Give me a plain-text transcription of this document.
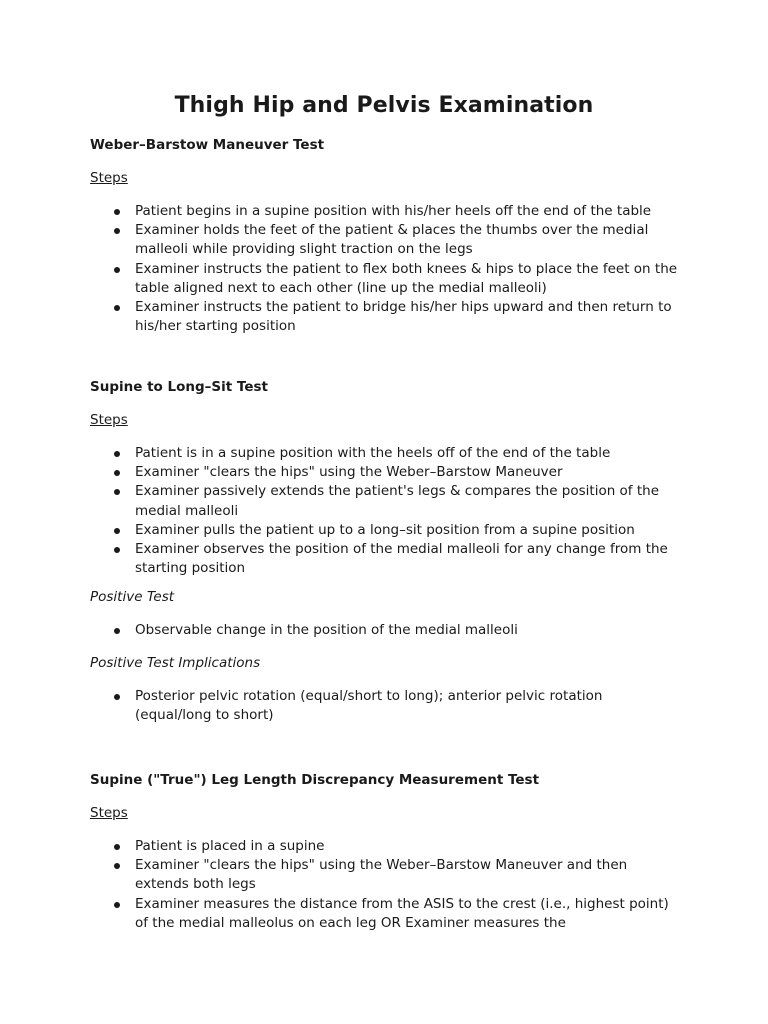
Thigh Hip and Pelvis Examination

Weber–Barstow Maneuver Test

Steps

Patient begins in a supine position with his/her heels off the end of the table
Examiner holds the feet of the patient & places the thumbs over the medial malleoli while providing slight traction on the legs
Examiner instructs the patient to flex both knees & hips to place the feet on the table aligned next to each other (line up the medial malleoli)
Examiner instructs the patient to bridge his/her hips upward and then return to his/her starting position

Supine to Long–Sit Test

Steps

Patient is in a supine position with the heels off of the end of the table
Examiner "clears the hips" using the Weber–Barstow Maneuver
Examiner passively extends the patient's legs & compares the position of the medial malleoli
Examiner pulls the patient up to a long–sit position from a supine position
Examiner observes the position of the medial malleoli for any change from the starting position

Positive Test

Observable change in the position of the medial malleoli

Positive Test Implications

Posterior pelvic rotation (equal/short to long); anterior pelvic rotation (equal/long to short)

Supine ("True") Leg Length Discrepancy Measurement Test

Steps

Patient is placed in a supine
Examiner "clears the hips" using the Weber–Barstow Maneuver and then extends both legs
Examiner measures the distance from the ASIS to the crest (i.e., highest point) of the medial malleolus on each leg OR Examiner measures the
